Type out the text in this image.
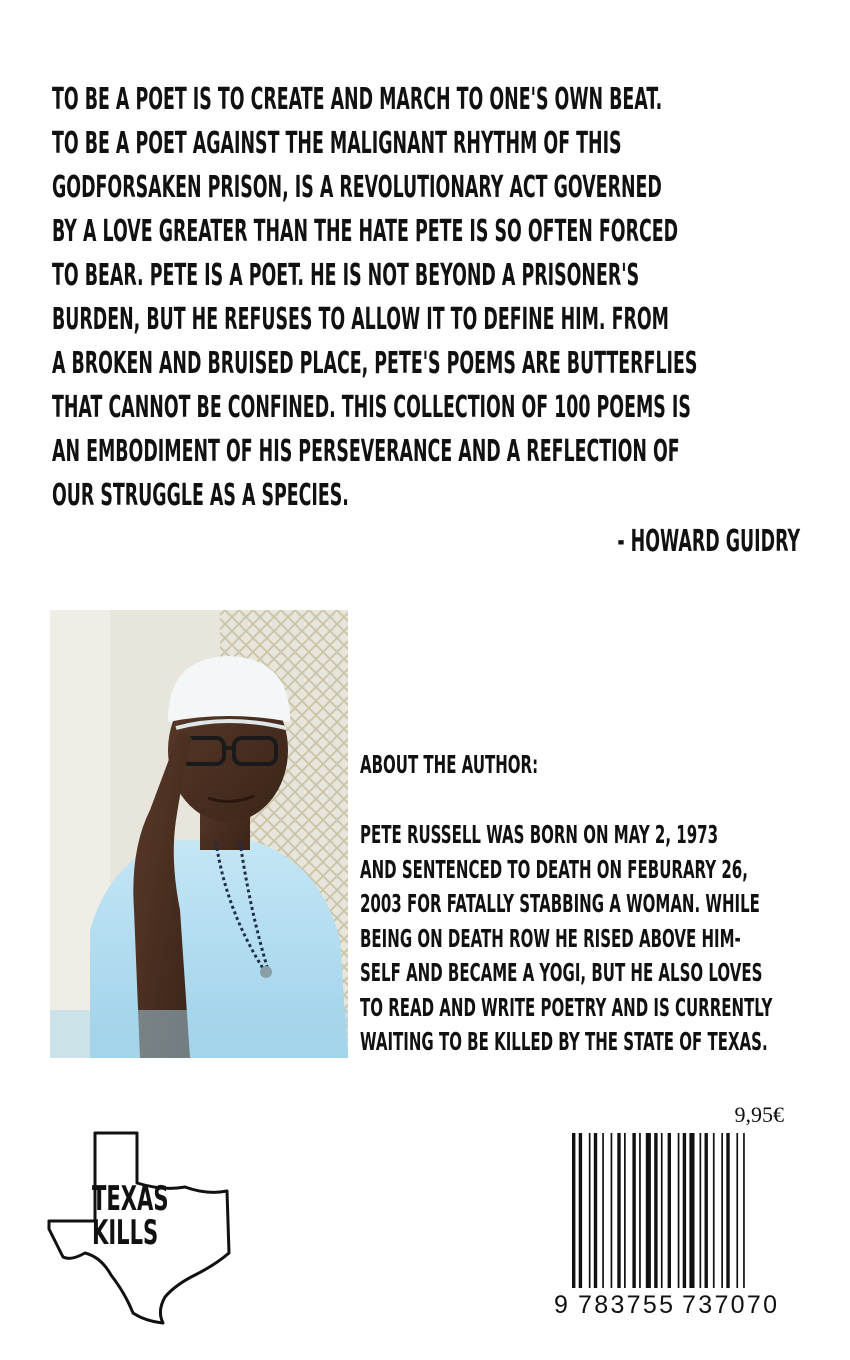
TO BE A POET IS TO CREATE AND MARCH TO ONE'S OWN BEAT.
TO BE A POET AGAINST THE MALIGNANT RHYTHM OF THIS
GODFORSAKEN PRISON, IS A REVOLUTIONARY ACT GOVERNED
BY A LOVE GREATER THAN THE HATE PETE IS SO OFTEN FORCED
TO BEAR. PETE IS A POET. HE IS NOT BEYOND A PRISONER'S
BURDEN, BUT HE REFUSES TO ALLOW IT TO DEFINE HIM. FROM
A BROKEN AND BRUISED PLACE, PETE'S POEMS ARE BUTTERFLIES
THAT CANNOT BE CONFINED. THIS COLLECTION OF 100 POEMS IS
AN EMBODIMENT OF HIS PERSEVERANCE AND A REFLECTION OF
OUR STRUGGLE AS A SPECIES.
- HOWARD GUIDRY
ABOUT THE AUTHOR:
PETE RUSSELL WAS BORN ON MAY 2, 1973
AND SENTENCED TO DEATH ON FEBURARY 26,
2003 FOR FATALLY STABBING A WOMAN. WHILE
BEING ON DEATH ROW HE RISED ABOVE HIM-
SELF AND BECAME A YOGI, BUT HE ALSO LOVES
TO READ AND WRITE POETRY AND IS CURRENTLY
WAITING TO BE KILLED BY THE STATE OF TEXAS.
TEXAS
KILLS
9,95€
9 783755 737070
